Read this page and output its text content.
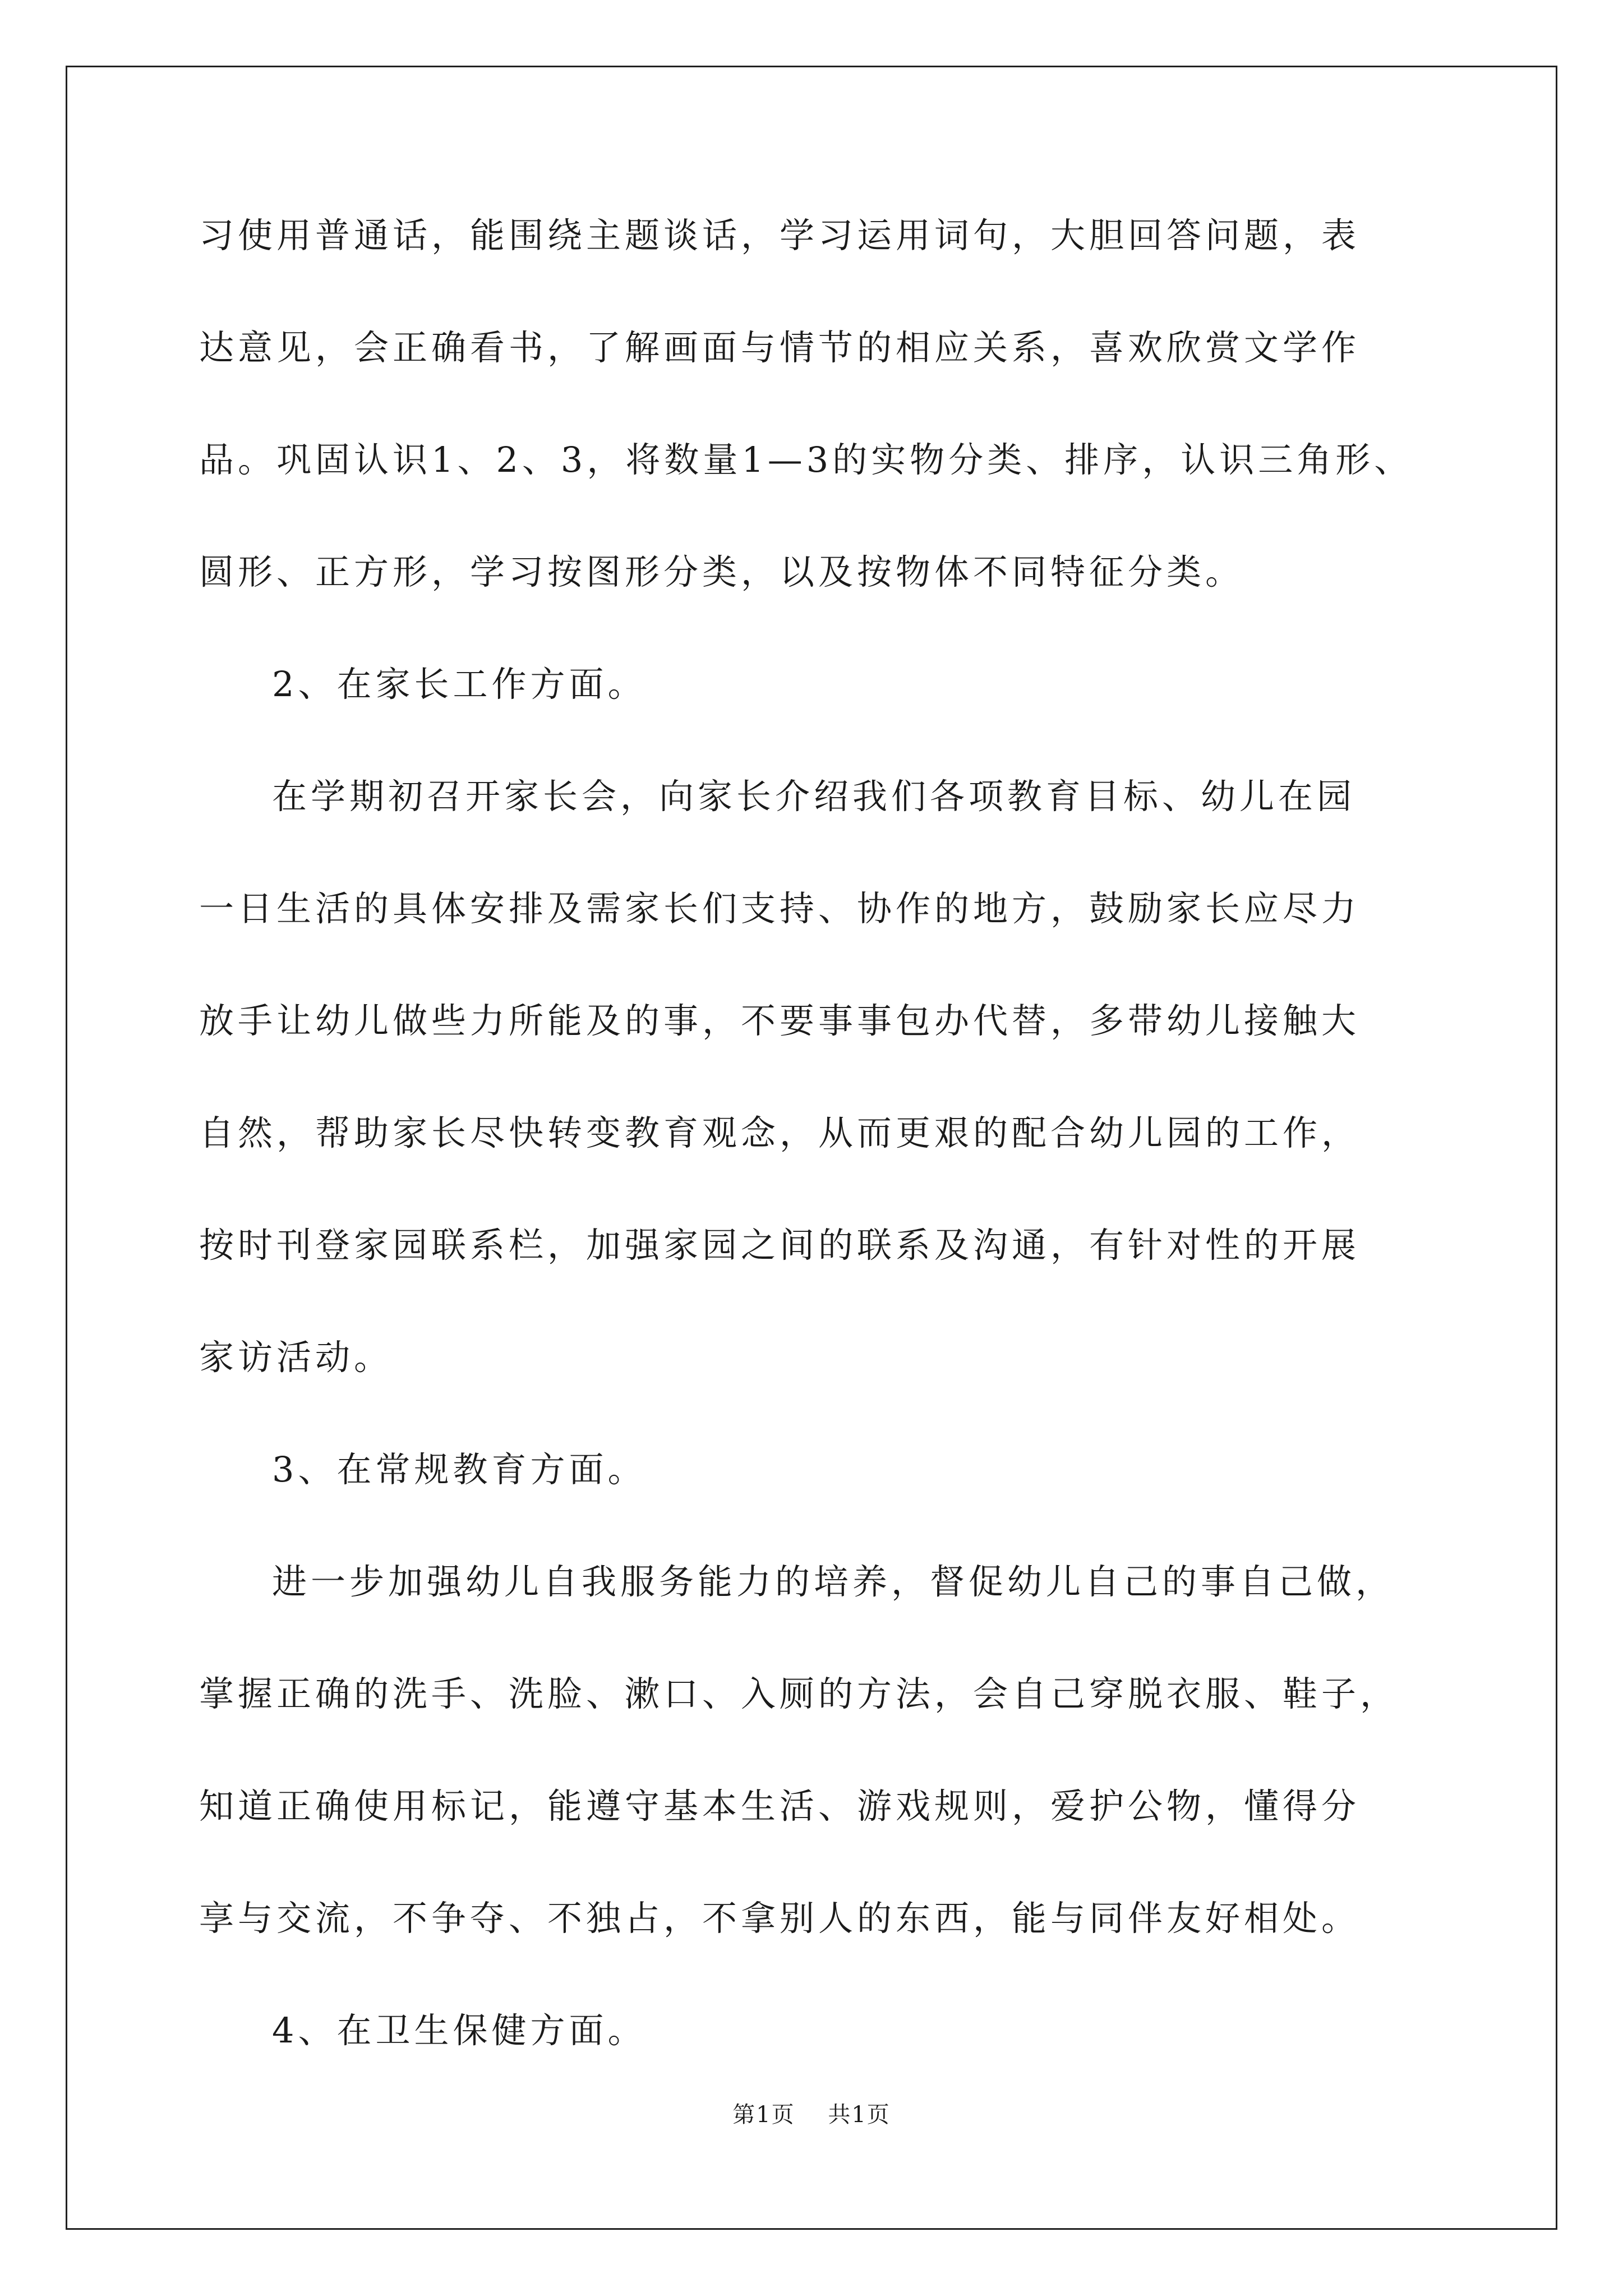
习使用普通话，能围绕主题谈话，学习运用词句，大胆回答问题，表
达意见，会正确看书，了解画面与情节的相应关系，喜欢欣赏文学作
品。巩固认识1、2、3，将数量1—3的实物分类、排序，认识三角形、
圆形、正方形，学习按图形分类，以及按物体不同特征分类。
2、在家长工作方面。
在学期初召开家长会，向家长介绍我们各项教育目标、幼儿在园
一日生活的具体安排及需家长们支持、协作的地方，鼓励家长应尽力
放手让幼儿做些力所能及的事，不要事事包办代替，多带幼儿接触大
自然，帮助家长尽快转变教育观念，从而更艰的配合幼儿园的工作，
按时刊登家园联系栏，加强家园之间的联系及沟通，有针对性的开展
家访活动。
3、在常规教育方面。
进一步加强幼儿自我服务能力的培养，督促幼儿自己的事自己做，
掌握正确的洗手、洗脸、漱口、入厕的方法，会自己穿脱衣服、鞋子，
知道正确使用标记，能遵守基本生活、游戏规则，爱护公物，懂得分
享与交流，不争夺、不独占，不拿别人的东西，能与同伴友好相处。
4、在卫生保健方面。
第1页 共1页
